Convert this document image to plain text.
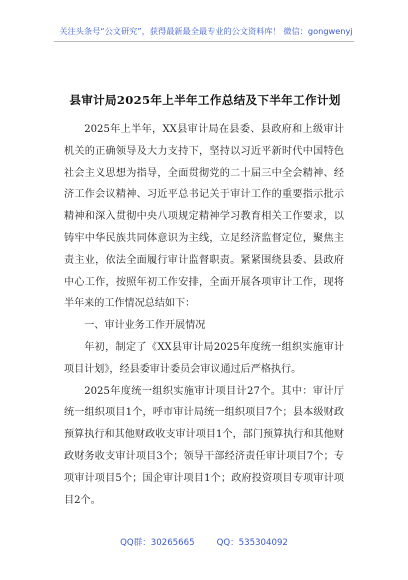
关注头条号“公文研究”，获得最新最全最专业的公文资料库！ 微信：gongwenyj
县审计局2025年上半年工作总结及下半年工作计划

2025年上半年，XX县审计局在县委、县政府和上级审计机关的正确领导及大力支持下，坚持以习近平新时代中国特色社会主义思想为指导，全面贯彻党的二十届三中全会精神、经济工作会议精神、习近平总书记关于审计工作的重要指示批示精神和深入贯彻中央八项规定精神学习教育相关工作要求，以铸牢中华民族共同体意识为主线，立足经济监督定位，聚焦主责主业，依法全面履行审计监督职责。紧紧围绕县委、县政府中心工作，按照年初工作安排，全面开展各项审计工作，现将半年来的工作情况总结如下：

一、审计业务工作开展情况

年初，制定了《XX县审计局2025年度统一组织实施审计项目计划》，经县委审计委员会审议通过后严格执行。

2025年度统一组织实施审计项目计27个。其中：审计厅统一组织项目1个，呼市审计局统一组织项目7个；县本级财政预算执行和其他财政收支审计项目1个，部门预算执行和其他财政财务收支审计项目3个；领导干部经济责任审计项目7个；专项审计项目5个；国企审计项目1个；政府投资项目专项审计项目2个。

QQ群：30265665	QQ：535304092
